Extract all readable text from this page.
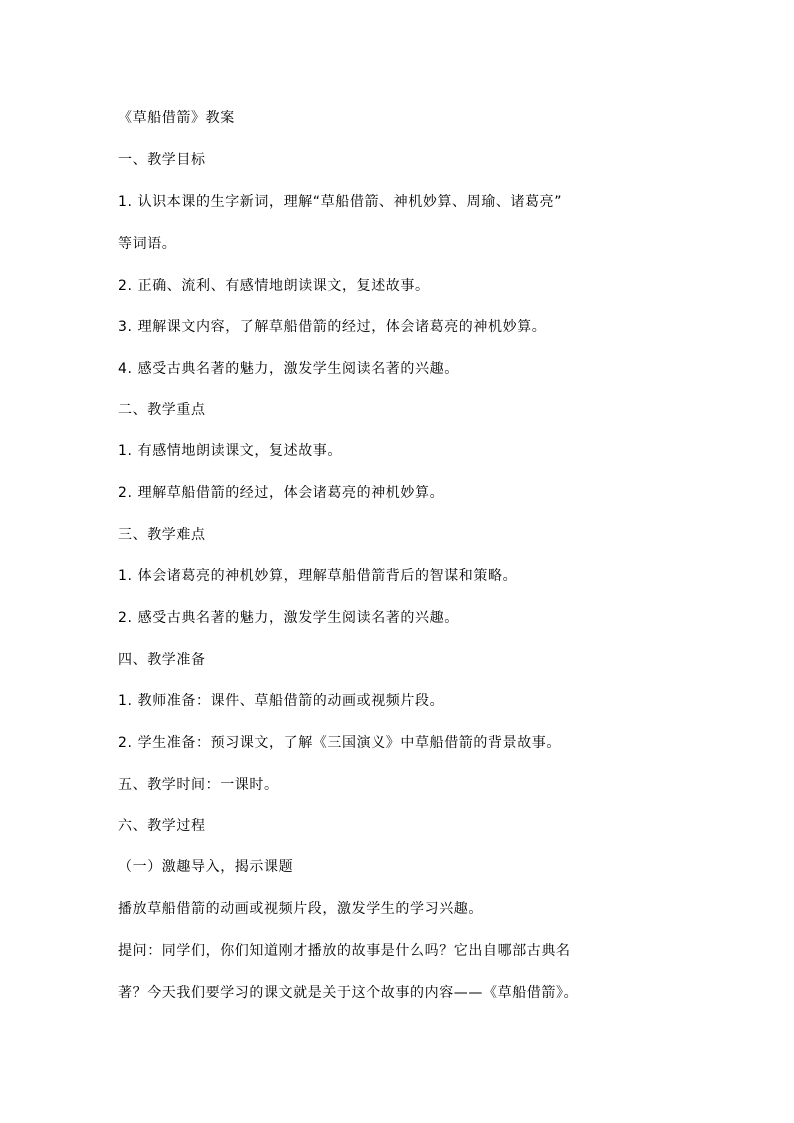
《草船借箭》教案
一、教学目标
1. 认识本课的生字新词，理解“草船借箭、神机妙算、周瑜、诸葛亮”
等词语。
2. 正确、流利、有感情地朗读课文，复述故事。
3. 理解课文内容，了解草船借箭的经过，体会诸葛亮的神机妙算。
4. 感受古典名著的魅力，激发学生阅读名著的兴趣。
二、教学重点
1. 有感情地朗读课文，复述故事。
2. 理解草船借箭的经过，体会诸葛亮的神机妙算。
三、教学难点
1. 体会诸葛亮的神机妙算，理解草船借箭背后的智谋和策略。
2. 感受古典名著的魅力，激发学生阅读名著的兴趣。
四、教学准备
1. 教师准备：课件、草船借箭的动画或视频片段。
2. 学生准备：预习课文，了解《三国演义》中草船借箭的背景故事。
五、教学时间：一课时。
六、教学过程
（一）激趣导入，揭示课题
播放草船借箭的动画或视频片段，激发学生的学习兴趣。
提问：同学们，你们知道刚才播放的故事是什么吗？它出自哪部古典名
著？今天我们要学习的课文就是关于这个故事的内容——《草船借箭》。
